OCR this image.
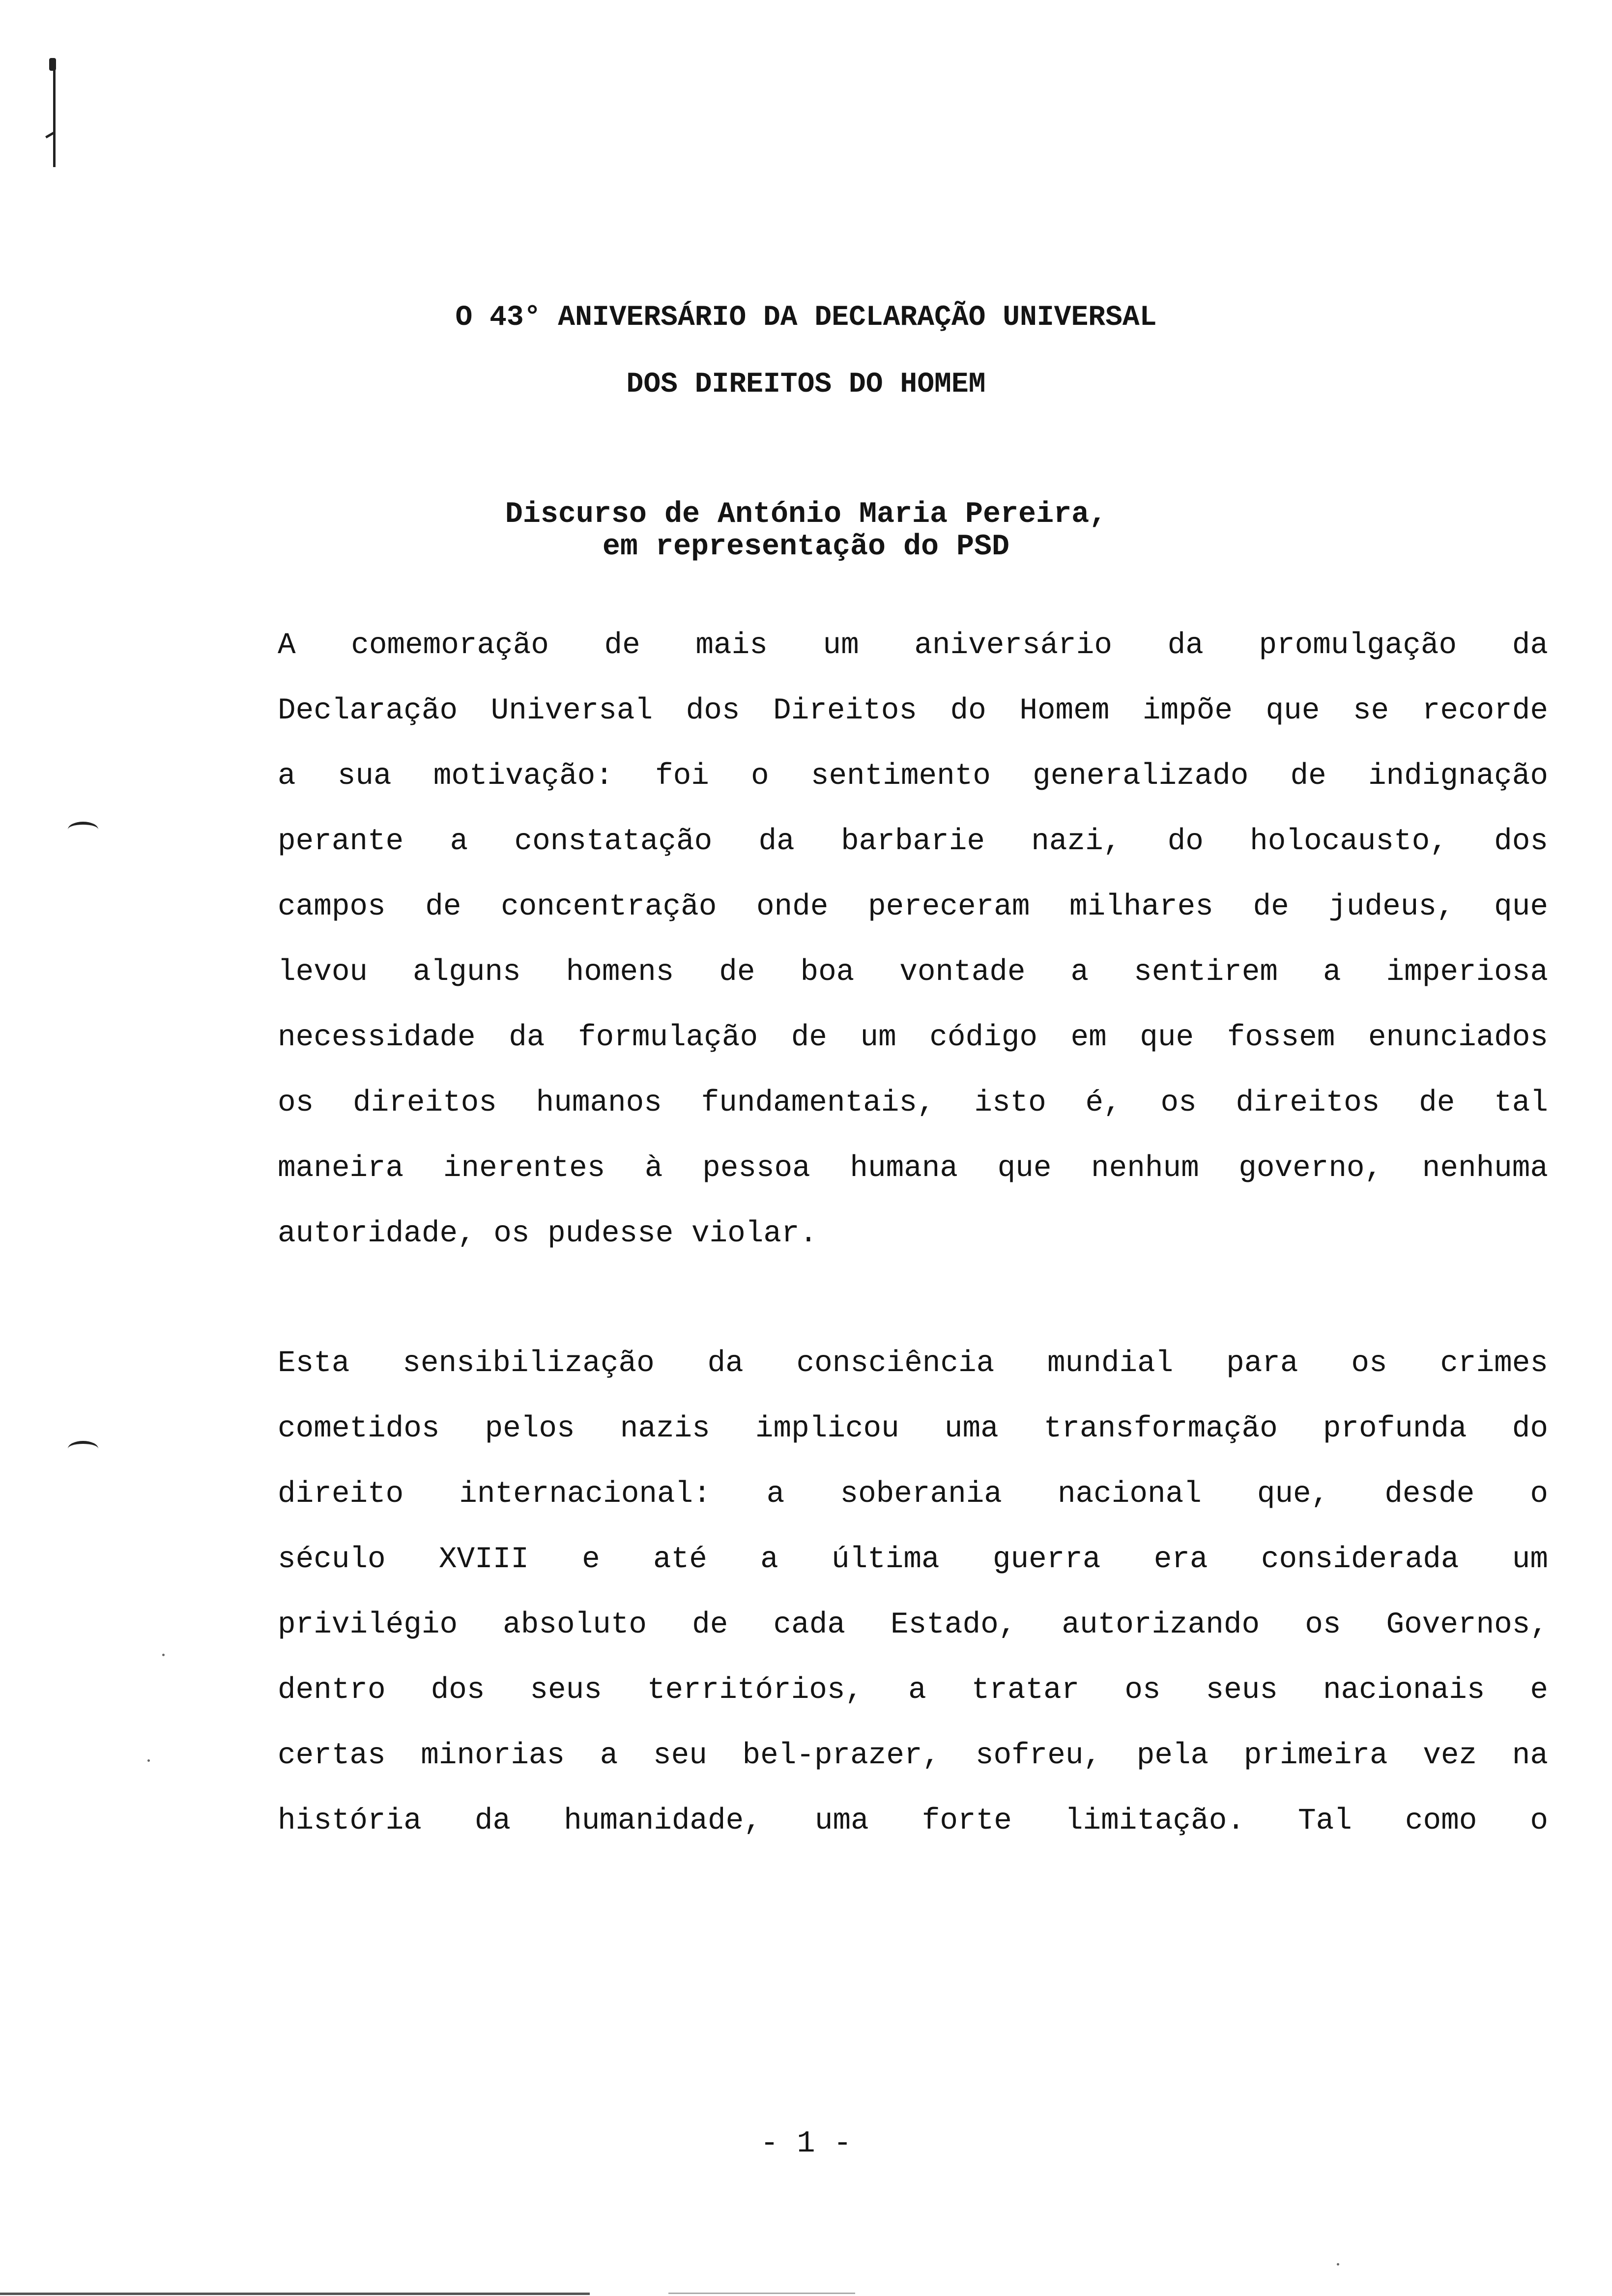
O 43° ANIVERSÁRIO DA DECLARAÇÃO UNIVERSAL
DOS DIREITOS DO HOMEM
Discurso de António Maria Pereira,
em representação do PSD
A comemoração de mais um aniversário da promulgação da
Declaração Universal dos Direitos do Homem impõe que se recorde
a sua motivação: foi o sentimento generalizado de indignação
perante a constatação da barbarie nazi, do holocausto, dos
campos de concentração onde pereceram milhares de judeus, que
levou alguns homens de boa vontade a sentirem a imperiosa
necessidade da formulação de um código em que fossem enunciados
os direitos humanos fundamentais, isto é, os direitos de tal
maneira inerentes à pessoa humana que nenhum governo, nenhuma
autoridade, os pudesse violar.
Esta sensibilização da consciência mundial para os crimes
cometidos pelos nazis implicou uma transformação profunda do
direito internacional: a soberania nacional que, desde o
século XVIII e até a última guerra era considerada um
privilégio absoluto de cada Estado, autorizando os Governos,
dentro dos seus territórios, a tratar os seus nacionais e
certas minorias a seu bel-prazer, sofreu, pela primeira vez na
história da humanidade, uma forte limitação. Tal como o
- 1 -
